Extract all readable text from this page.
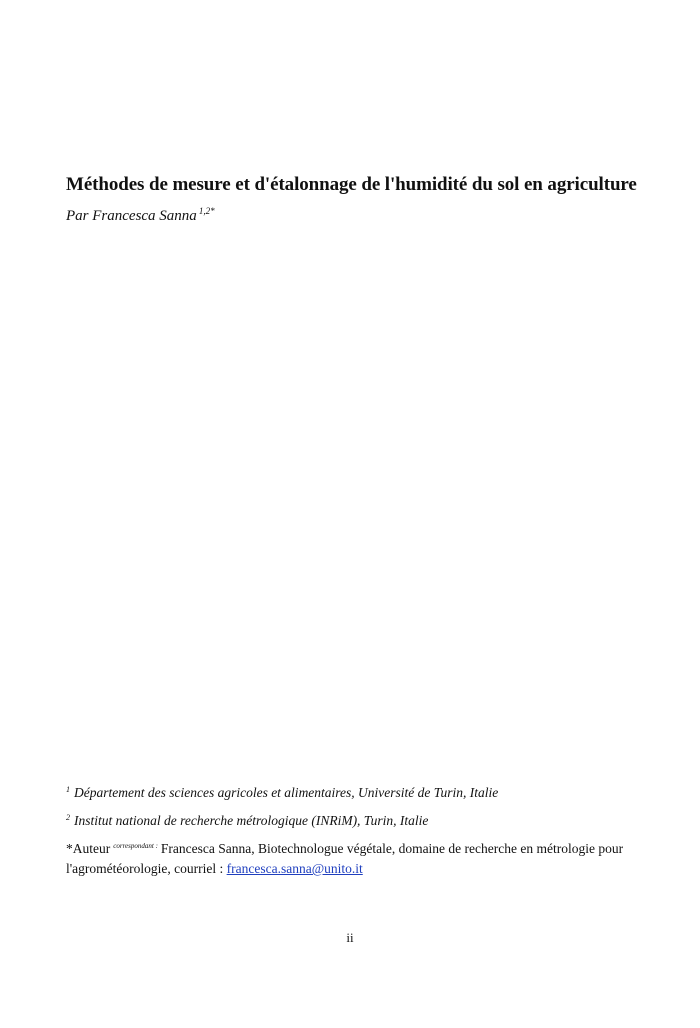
Méthodes de mesure et d'étalonnage de l'humidité du sol en agriculture
Par Francesca Sanna $^{1,2*}$
$^1$ Département des sciences agricoles et alimentaires, Université de Turin, Italie
$^2$ Institut national de recherche métrologique (INRiM), Turin, Italie
*Auteur $^{correspondant :}$ Francesca Sanna, Biotechnologue végétale, domaine de recherche en métrologie pour l'agrométéorologie, courriel : francesca.sanna@unito.it
ii
